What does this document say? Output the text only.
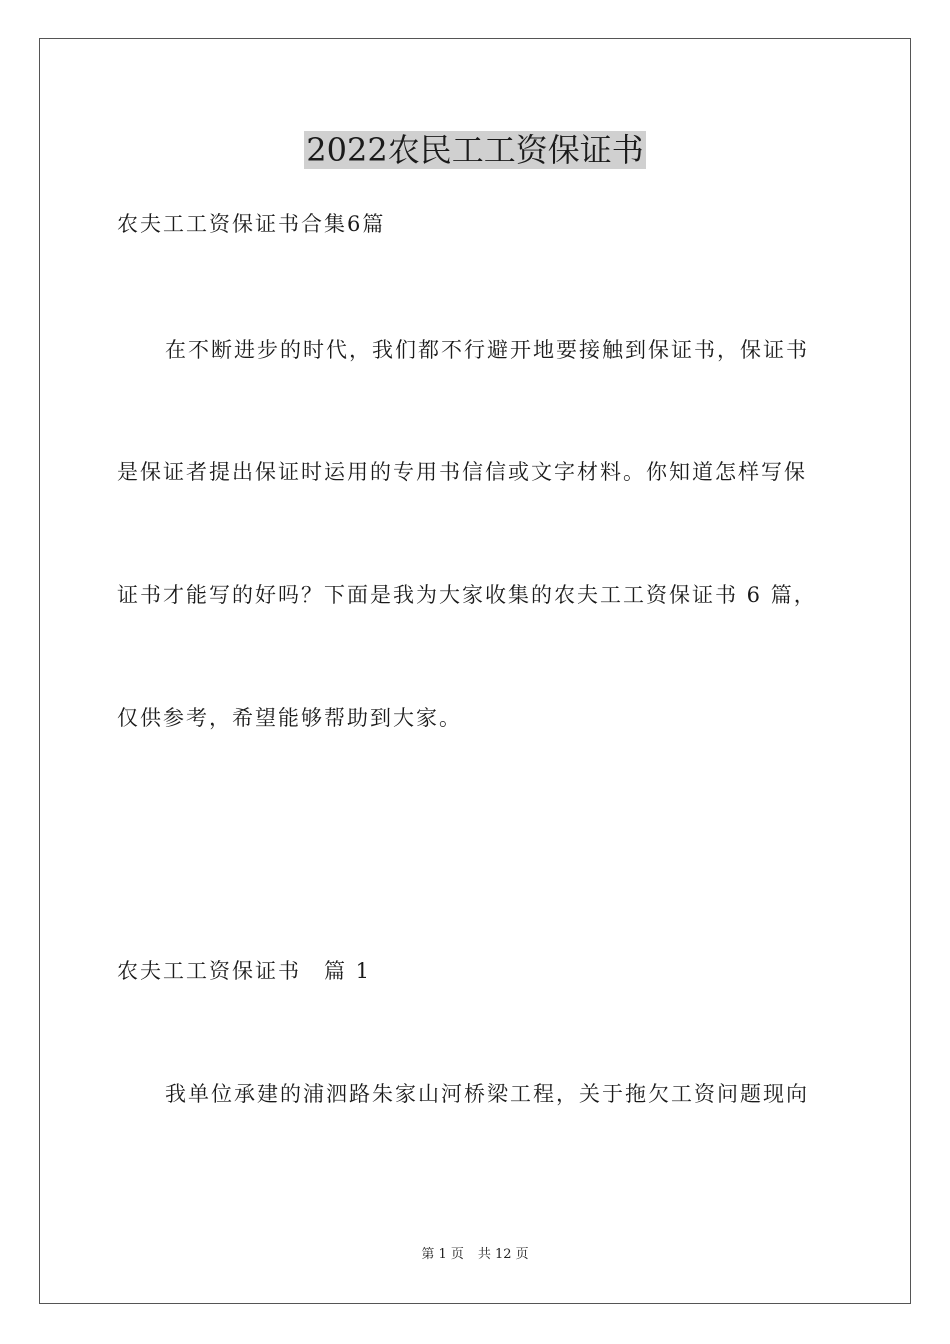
2022农民工工资保证书

农夫工工资保证书合集6篇

在不断进步的时代，我们都不行避开地要接触到保证书，保证书

是保证者提出保证时运用的专用书信信或文字材料。你知道怎样写保

证书才能写的好吗？下面是我为大家收集的农夫工工资保证书 6 篇，

仅供参考，希望能够帮助到大家。

农夫工工资保证书　篇 1

我单位承建的浦泗路朱家山河桥梁工程，关于拖欠工资问题现向

第 1 页 共 12 页
